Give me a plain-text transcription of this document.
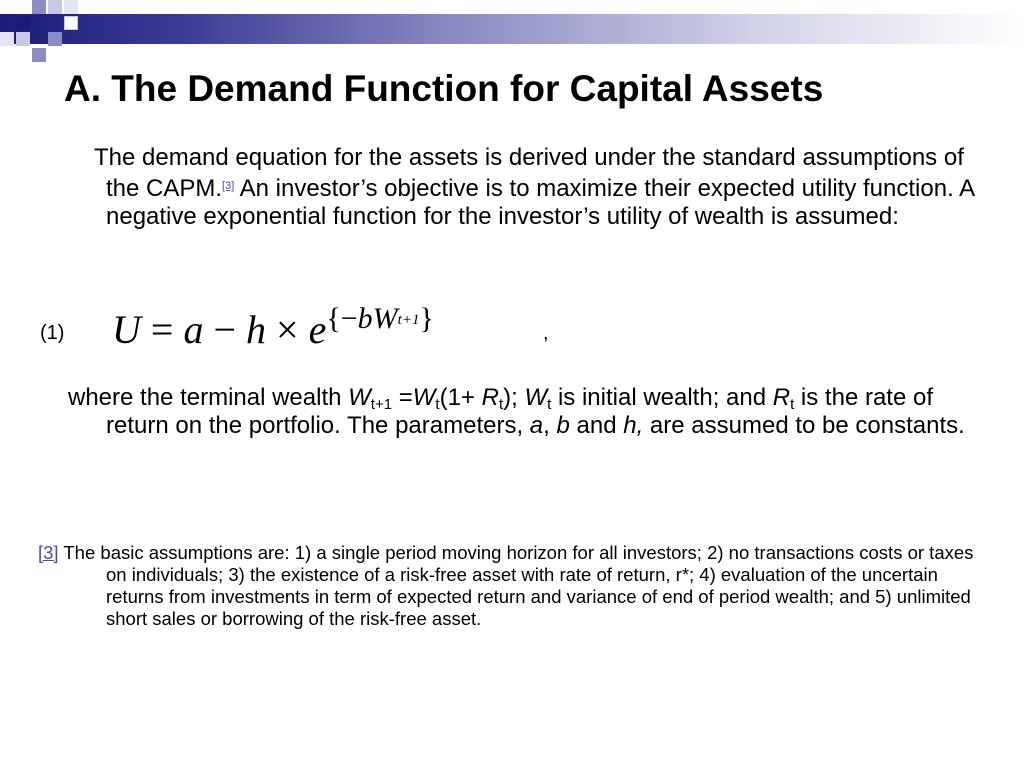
A. The Demand Function for Capital Assets
The demand equation for the assets is derived under the standard assumptions of the CAPM.[3] An investor’s objective is to maximize their expected utility function. A negative exponential function for the investor’s utility of wealth is assumed:
(1) $U = a - h \times e^{\{-bWt+1\}}$	,
where the terminal wealth $W_{t+1} =W_t(1+ R_t)$; $W_t$ is initial wealth; and $R_t$ is the rate of return on the portfolio. The parameters, a, b and h, are assumed to be constants.
[3] The basic assumptions are: 1) a single period moving horizon for all investors; 2) no transactions costs or taxes on individuals; 3) the existence of a risk-free asset with rate of return, r*; 4) evaluation of the uncertain returns from investments in term of expected return and variance of end of period wealth; and 5) unlimited short sales or borrowing of the risk-free asset.
